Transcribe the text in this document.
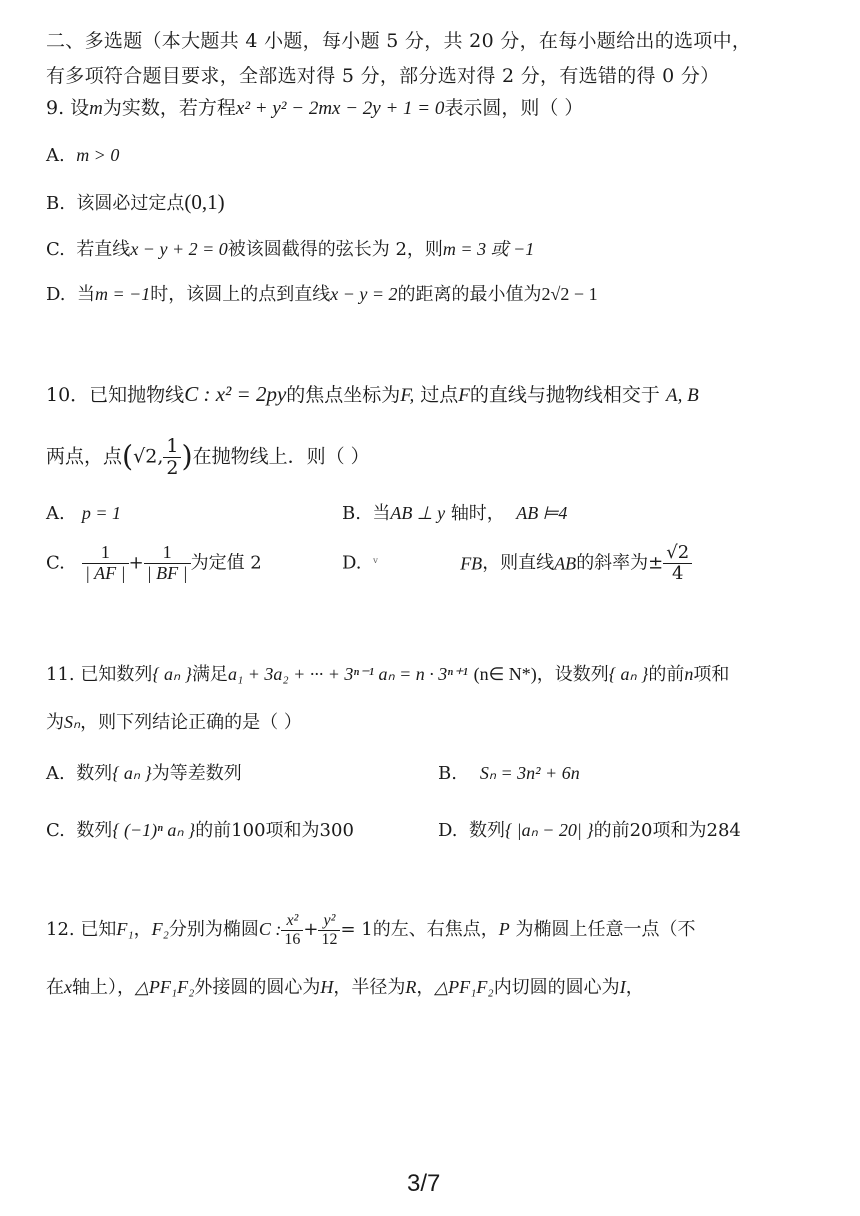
二、多选题（本大题共 4 小题，每小题 5 分，共 20 分，在每小题给出的选项中，
有多项符合题目要求，全部选对得 5 分，部分选对得 2 分，有选错的得 0 分）
9. 设m为实数，若方程x² + y² − 2mx − 2y + 1 = 0表示圆，则（ ）
A. m > 0
B. 该圆必过定点(0,1)
C. 若直线x − y + 2 = 0被该圆截得的弦长为 2，则m = 3 或 −1
D. 当m = −1时，该圆上的点到直线x − y = 2的距离的最小值为2√2 − 1
10．已知抛物线C : x² = 2py的焦点坐标为F, 过点F的直线与抛物线相交于 A, B
两点，点(√2, $\frac{1}{2}$ )在抛物线上．则（ ）
A. p = 1	B. 当AB ⊥ y 轴时， AB ⊨4
C. $\frac{1}{| AF |} + \frac{1}{| BF |}$ 为定值 2	D. ᵛ	FB，则直线AB的斜率为± $\frac{√2}{4}$
11. 已知数列{ aₙ }满足a₁ + 3a₂ + ··· + 3ⁿ⁻¹ aₙ = n · 3ⁿ⁺¹ (n∈ N*)，设数列{ aₙ }的前n项和
为Sₙ，则下列结论正确的是（ ）
A. 数列{ aₙ }为等差数列	B. Sₙ = 3n² + 6n
C. 数列{ (−1)ⁿ aₙ }的前100项和为300	D. 数列{ |aₙ − 20| }的前20项和为284
12. 已知F₁，F₂分别为椭圆C : $\frac{\text{x²}}{16} + \frac{\text{y²}}{12} = 1$的左、右焦点，P 为椭圆上任意一点（不
在x轴上），△PF₁F₂外接圆的圆心为H，半径为R，△PF₁F₂内切圆的圆心为I，
3/7
